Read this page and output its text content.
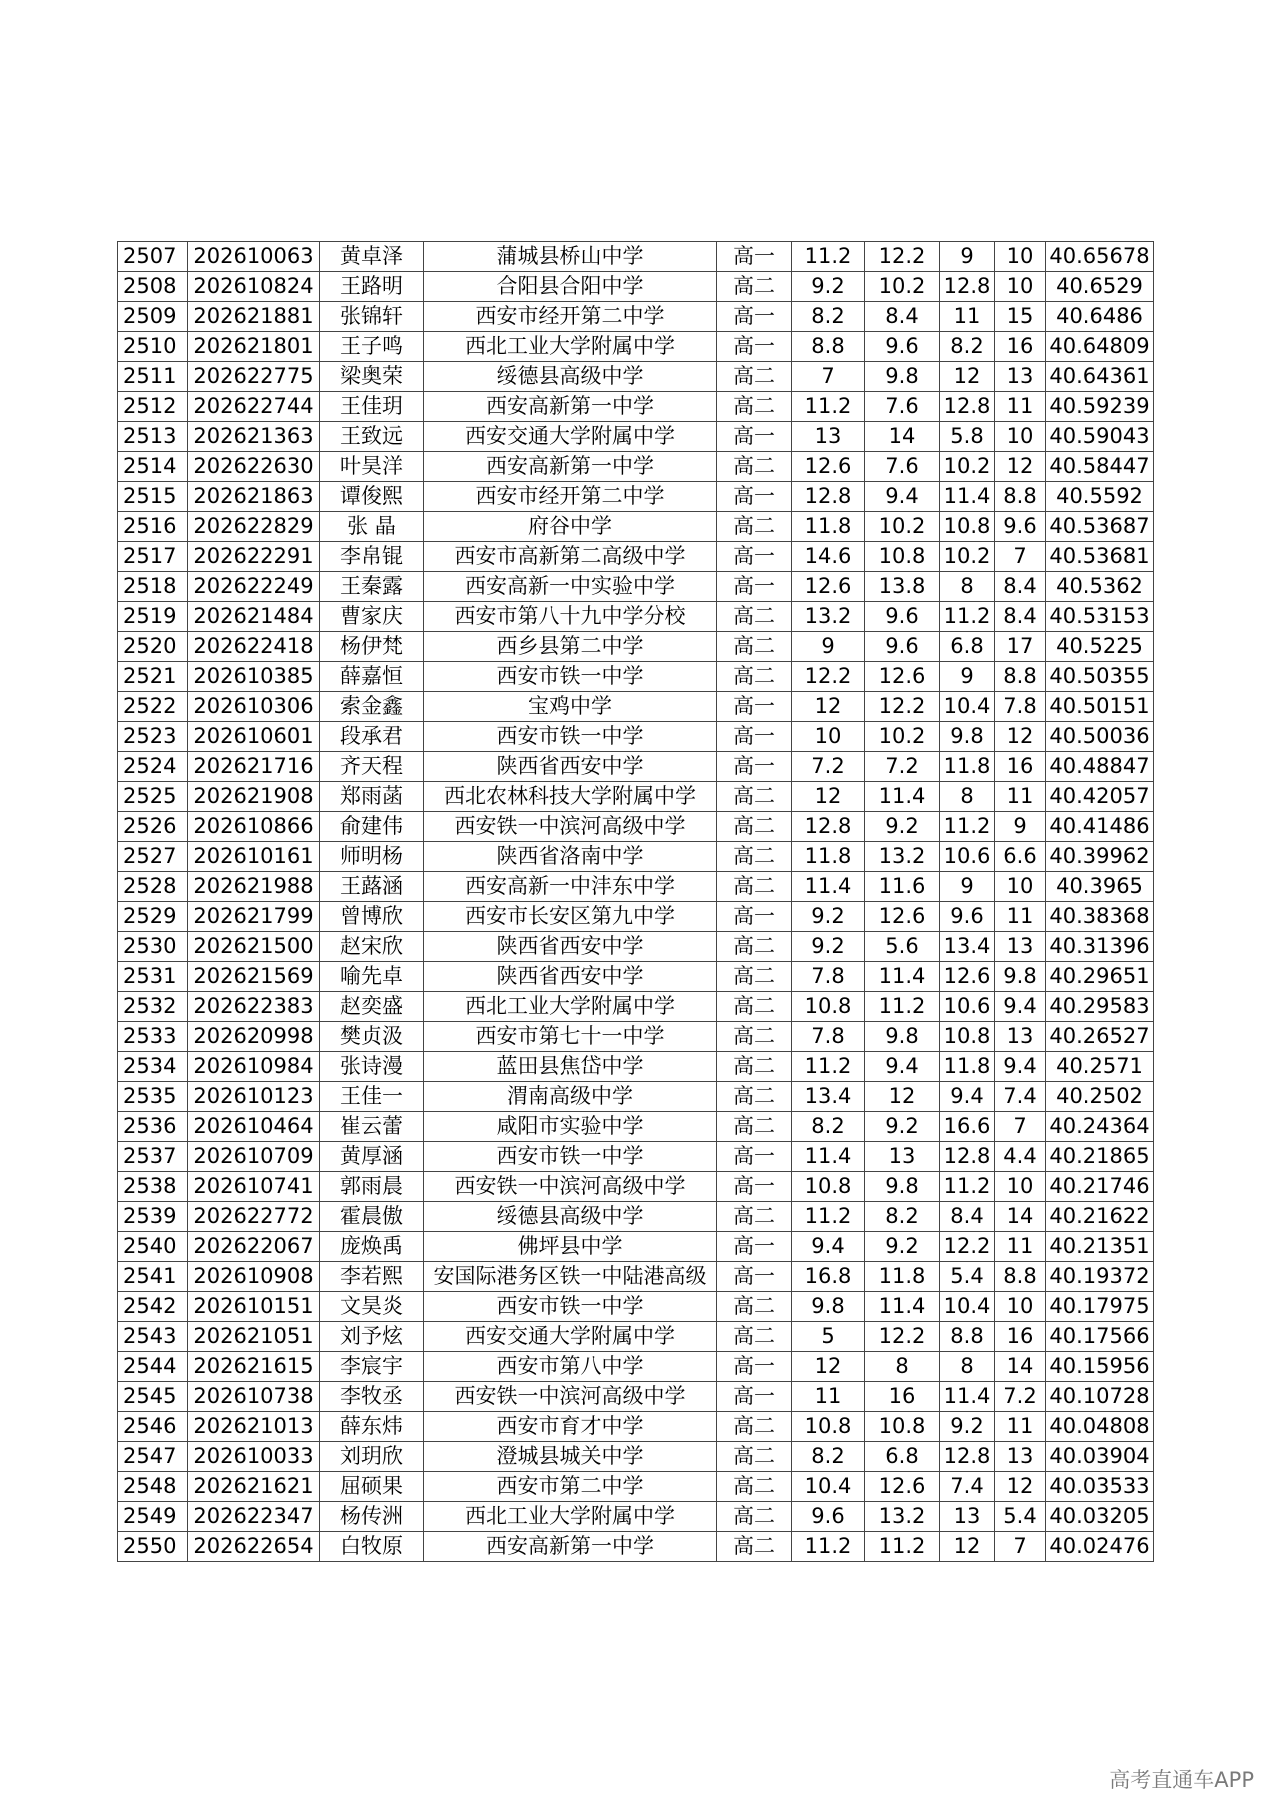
2507	202610063	黄卓泽	蒲城县桥山中学	高一	11.2	12.2	9	10	40.65678
2508	202610824	王路明	合阳县合阳中学	高二	9.2	10.2	12.8	10	40.6529
2509	202621881	张锦轩	西安市经开第二中学	高一	8.2	8.4	11	15	40.6486
2510	202621801	王子鸣	西北工业大学附属中学	高一	8.8	9.6	8.2	16	40.64809
2511	202622775	梁奥荣	绥德县高级中学	高二	7	9.8	12	13	40.64361
2512	202622744	王佳玥	西安高新第一中学	高二	11.2	7.6	12.8	11	40.59239
2513	202621363	王致远	西安交通大学附属中学	高一	13	14	5.8	10	40.59043
2514	202622630	叶昊洋	西安高新第一中学	高二	12.6	7.6	10.2	12	40.58447
2515	202621863	谭俊熙	西安市经开第二中学	高一	12.8	9.4	11.4	8.8	40.5592
2516	202622829	张 晶	府谷中学	高二	11.8	10.2	10.8	9.6	40.53687
2517	202622291	李帛锟	西安市高新第二高级中学	高一	14.6	10.8	10.2	7	40.53681
2518	202622249	王秦露	西安高新一中实验中学	高一	12.6	13.8	8	8.4	40.5362
2519	202621484	曹家庆	西安市第八十九中学分校	高二	13.2	9.6	11.2	8.4	40.53153
2520	202622418	杨伊梵	西乡县第二中学	高二	9	9.6	6.8	17	40.5225
2521	202610385	薛嘉恒	西安市铁一中学	高二	12.2	12.6	9	8.8	40.50355
2522	202610306	索金鑫	宝鸡中学	高一	12	12.2	10.4	7.8	40.50151
2523	202610601	段承君	西安市铁一中学	高一	10	10.2	9.8	12	40.50036
2524	202621716	齐天程	陕西省西安中学	高一	7.2	7.2	11.8	16	40.48847
2525	202621908	郑雨菡	西北农林科技大学附属中学	高二	12	11.4	8	11	40.42057
2526	202610866	俞建伟	西安铁一中滨河高级中学	高二	12.8	9.2	11.2	9	40.41486
2527	202610161	师明杨	陕西省洛南中学	高二	11.8	13.2	10.6	6.6	40.39962
2528	202621988	王蕗涵	西安高新一中沣东中学	高二	11.4	11.6	9	10	40.3965
2529	202621799	曾博欣	西安市长安区第九中学	高一	9.2	12.6	9.6	11	40.38368
2530	202621500	赵宋欣	陕西省西安中学	高二	9.2	5.6	13.4	13	40.31396
2531	202621569	喻先卓	陕西省西安中学	高二	7.8	11.4	12.6	9.8	40.29651
2532	202622383	赵奕盛	西北工业大学附属中学	高二	10.8	11.2	10.6	9.4	40.29583
2533	202620998	樊贞汲	西安市第七十一中学	高二	7.8	9.8	10.8	13	40.26527
2534	202610984	张诗漫	蓝田县焦岱中学	高二	11.2	9.4	11.8	9.4	40.2571
2535	202610123	王佳一	渭南高级中学	高二	13.4	12	9.4	7.4	40.2502
2536	202610464	崔云蕾	咸阳市实验中学	高二	8.2	9.2	16.6	7	40.24364
2537	202610709	黄厚涵	西安市铁一中学	高一	11.4	13	12.8	4.4	40.21865
2538	202610741	郭雨晨	西安铁一中滨河高级中学	高一	10.8	9.8	11.2	10	40.21746
2539	202622772	霍晨傲	绥德县高级中学	高二	11.2	8.2	8.4	14	40.21622
2540	202622067	庞焕禹	佛坪县中学	高一	9.4	9.2	12.2	11	40.21351
2541	202610908	李若熙	安国际港务区铁一中陆港高级	高一	16.8	11.8	5.4	8.8	40.19372
2542	202610151	文昊炎	西安市铁一中学	高二	9.8	11.4	10.4	10	40.17975
2543	202621051	刘予炫	西安交通大学附属中学	高二	5	12.2	8.8	16	40.17566
2544	202621615	李宸宇	西安市第八中学	高一	12	8	8	14	40.15956
2545	202610738	李牧丞	西安铁一中滨河高级中学	高一	11	16	11.4	7.2	40.10728
2546	202621013	薛东炜	西安市育才中学	高二	10.8	10.8	9.2	11	40.04808
2547	202610033	刘玥欣	澄城县城关中学	高二	8.2	6.8	12.8	13	40.03904
2548	202621621	屈硕果	西安市第二中学	高二	10.4	12.6	7.4	12	40.03533
2549	202622347	杨传洲	西北工业大学附属中学	高二	9.6	13.2	13	5.4	40.03205
2550	202622654	白牧原	西安高新第一中学	高二	11.2	11.2	12	7	40.02476
高考直通车APP
